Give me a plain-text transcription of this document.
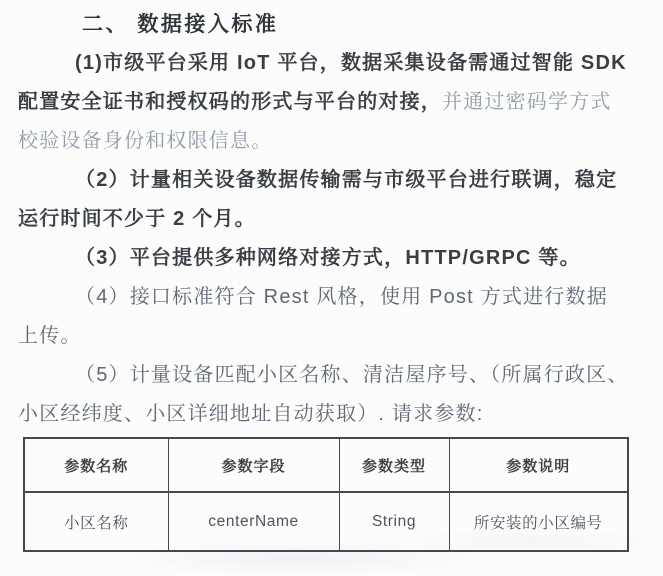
二、 数据接入标准
(1)市级平台采用 IoT 平台，数据采集设备需通过智能 SDK
配置安全证书和授权码的形式与平台的对接，并通过密码学方式
校验设备身份和权限信息。
（2）计量相关设备数据传输需与市级平台进行联调，稳定
运行时间不少于 2 个月。
（3）平台提供多种网络对接方式，HTTP/GRPC 等。
（4）接口标准符合 Rest 风格，使用 Post 方式进行数据
上传。
（5）计量设备匹配小区名称、清洁屋序号、（所属行政区、
小区经纬度、小区详细地址自动获取）. 请求参数:
参数名称	参数字段	参数类型	参数说明
小区名称	centerName	String	所安装的小区编号
